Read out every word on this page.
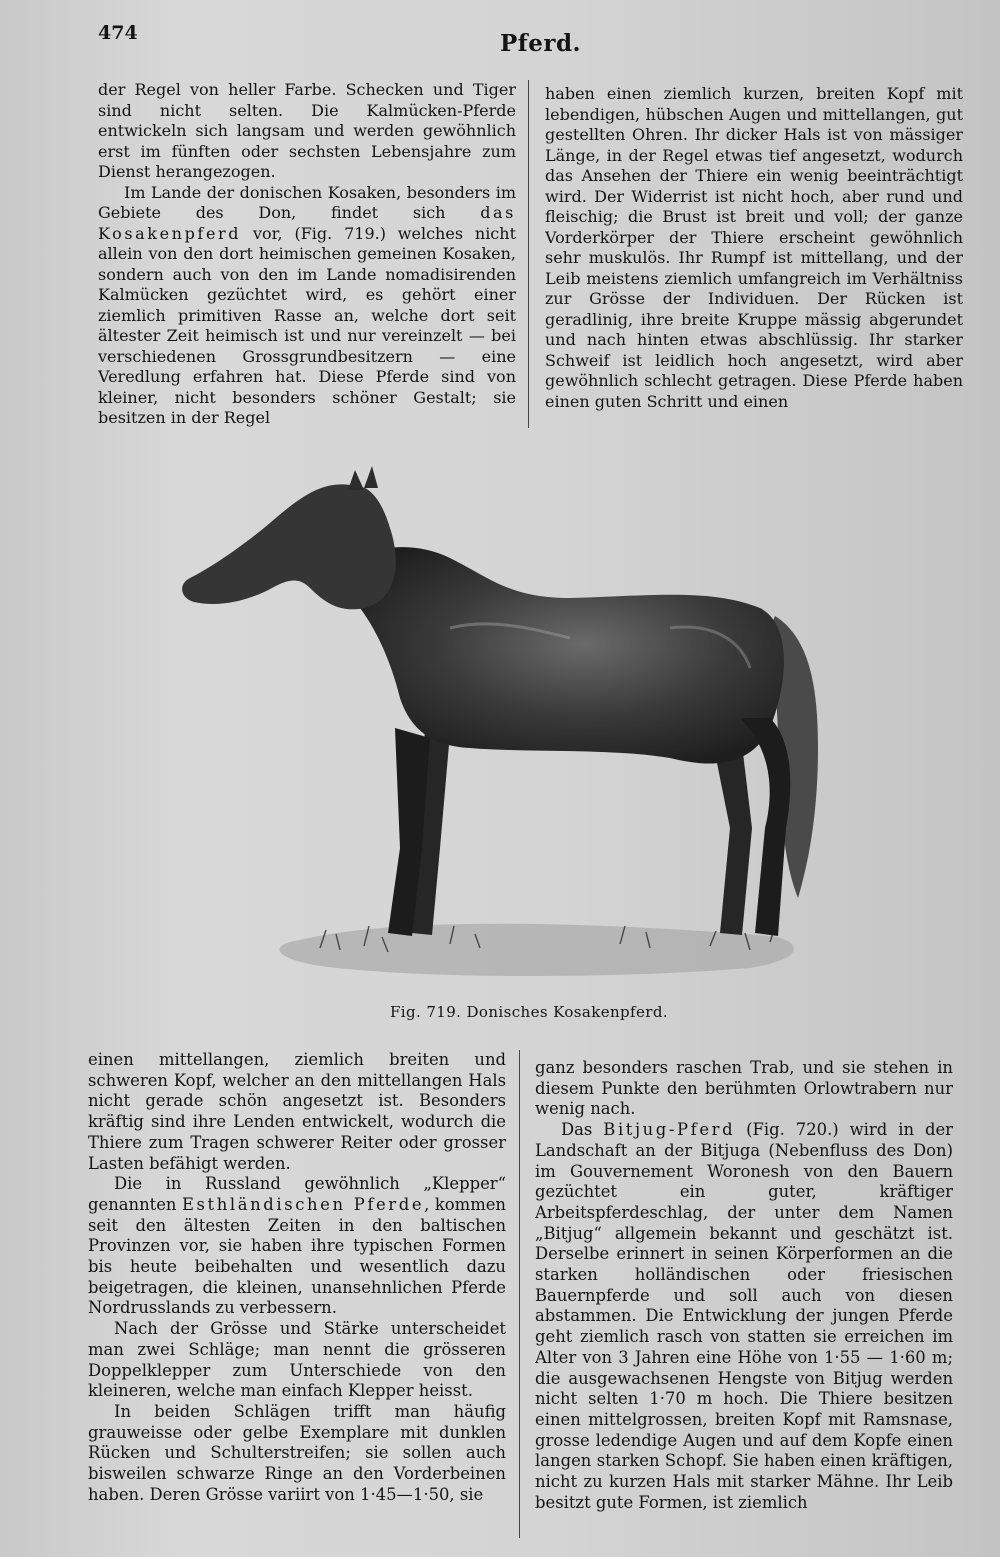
474	Pferd.

der Regel von heller Farbe. Schecken und Tiger sind nicht selten. Die Kalmücken-Pferde entwickeln sich langsam und werden gewöhnlich erst im fünften oder sechsten Lebensjahre zum Dienst herangezogen.

Im Lande der donischen Kosaken, besonders im Gebiete des Don, findet sich das Kosakenpferd vor, (Fig. 719.) welches nicht allein von den dort heimischen gemeinen Kosaken, sondern auch von den im Lande nomadisirenden Kalmücken gezüchtet wird, es gehört einer ziemlich primitiven Rasse an, welche dort seit ältester Zeit heimisch ist und nur vereinzelt — bei verschiedenen Grossgrundbesitzern — eine Veredlung erfahren hat. Diese Pferde sind von kleiner, nicht besonders schöner Gestalt; sie besitzen in der Regel

haben einen ziemlich kurzen, breiten Kopf mit lebendigen, hübschen Augen und mittellangen, gut gestellten Ohren. Ihr dicker Hals ist von mässiger Länge, in der Regel etwas tief angesetzt, wodurch das Ansehen der Thiere ein wenig beeinträchtigt wird. Der Widerrist ist nicht hoch, aber rund und fleischig; die Brust ist breit und voll; der ganze Vorderkörper der Thiere erscheint gewöhnlich sehr muskulös. Ihr Rumpf ist mittellang, und der Leib meistens ziemlich umfangreich im Verhältniss zur Grösse der Individuen. Der Rücken ist geradlinig, ihre breite Kruppe mässig abgerundet und nach hinten etwas abschlüssig. Ihr starker Schweif ist leidlich hoch angesetzt, wird aber gewöhnlich schlecht getragen. Diese Pferde haben einen guten Schritt und einen

Fig. 719. Donisches Kosakenpferd.

einen mittellangen, ziemlich breiten und schweren Kopf, welcher an den mittellangen Hals nicht gerade schön angesetzt ist. Besonders kräftig sind ihre Lenden entwickelt, wodurch die Thiere zum Tragen schwerer Reiter oder grosser Lasten befähigt werden.

Die in Russland gewöhnlich „Klepper“ genannten Esthländischen Pferde, kommen seit den ältesten Zeiten in den baltischen Provinzen vor, sie haben ihre typischen Formen bis heute beibehalten und wesentlich dazu beigetragen, die kleinen, unansehnlichen Pferde Nordrusslands zu verbessern.

Nach der Grösse und Stärke unterscheidet man zwei Schläge; man nennt die grösseren Doppelklepper zum Unterschiede von den kleineren, welche man einfach Klepper heisst.

In beiden Schlägen trifft man häufig grauweisse oder gelbe Exemplare mit dunklen Rücken und Schulterstreifen; sie sollen auch bisweilen schwarze Ringe an den Vorderbeinen haben. Deren Grösse variirt von 1·45—1·50, sie

ganz besonders raschen Trab, und sie stehen in diesem Punkte den berühmten Orlowtrabern nur wenig nach.

Das Bitjug-Pferd (Fig. 720.) wird in der Landschaft an der Bitjuga (Nebenfluss des Don) im Gouvernement Woronesh von den Bauern gezüchtet ein guter, kräftiger Arbeitspferdeschlag, der unter dem Namen „Bitjug“ allgemein bekannt und geschätzt ist. Derselbe erinnert in seinen Körperformen an die starken holländischen oder friesischen Bauernpferde und soll auch von diesen abstammen. Die Entwicklung der jungen Pferde geht ziemlich rasch von statten sie erreichen im Alter von 3 Jahren eine Höhe von 1·55 — 1·60 m; die ausgewachsenen Hengste von Bitjug werden nicht selten 1·70 m hoch. Die Thiere besitzen einen mittelgrossen, breiten Kopf mit Ramsnase, grosse ledendige Augen und auf dem Kopfe einen langen starken Schopf. Sie haben einen kräftigen, nicht zu kurzen Hals mit starker Mähne. Ihr Leib besitzt gute Formen, ist ziemlich
